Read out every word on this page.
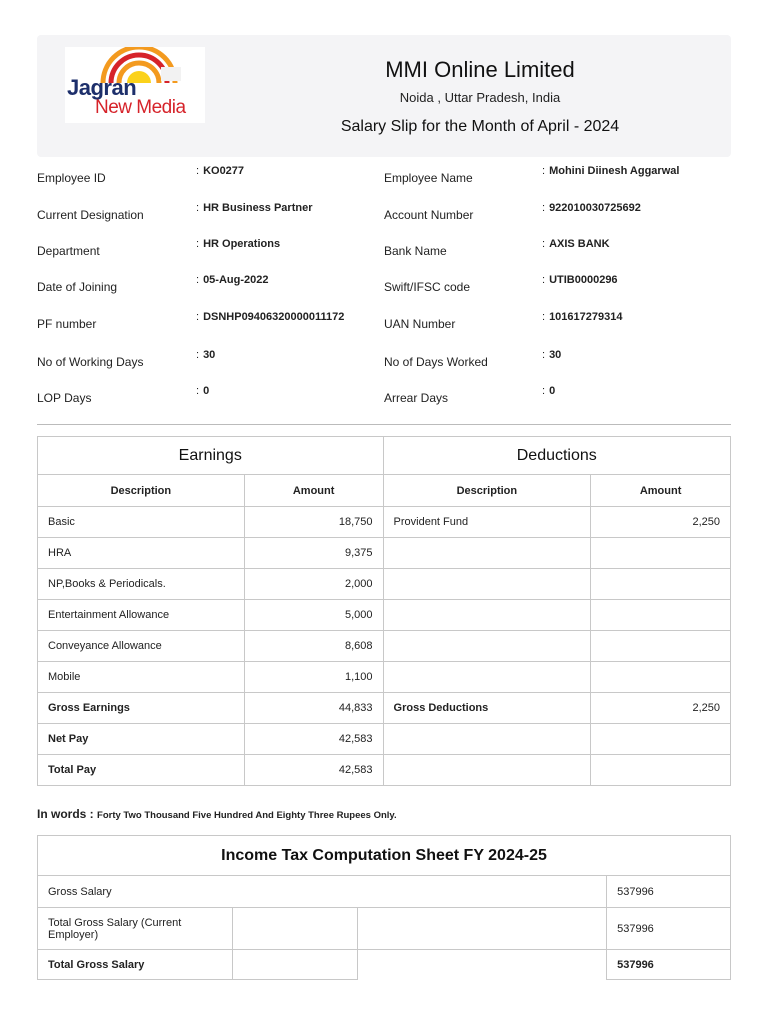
Jagran
New Media
MMI Online Limited
Noida , Uttar Pradesh, India
Salary Slip for the Month of April - 2024
Employee ID	: KO0277	Employee Name	: Mohini Diinesh Aggarwal
Current Designation	: HR Business Partner	Account Number	: 922010030725692
Department	: HR Operations	Bank Name	: AXIS BANK
Date of Joining	: 05-Aug-2022	Swift/IFSC code	: UTIB0000296
PF number	: DSNHP09406320000011172	UAN Number	: 101617279314
No of Working Days	: 30	No of Days Worked	: 30
LOP Days	: 0	Arrear Days	: 0
Earnings		Deductions	
Description	Amount	Description	Amount
Basic	18,750	Provident Fund	2,250
HRA	9,375		
NP,Books & Periodicals.	2,000		
Entertainment Allowance	5,000		
Conveyance Allowance	8,608		
Mobile	1,100		
Gross Earnings	44,833	Gross Deductions	2,250
Net Pay	42,583		
Total Pay	42,583		
In words : Forty Two Thousand Five Hundred And Eighty Three Rupees Only.
Income Tax Computation Sheet FY 2024-25			
Gross Salary			537996
Total Gross Salary (Current Employer)			537996
Total Gross Salary			537996
